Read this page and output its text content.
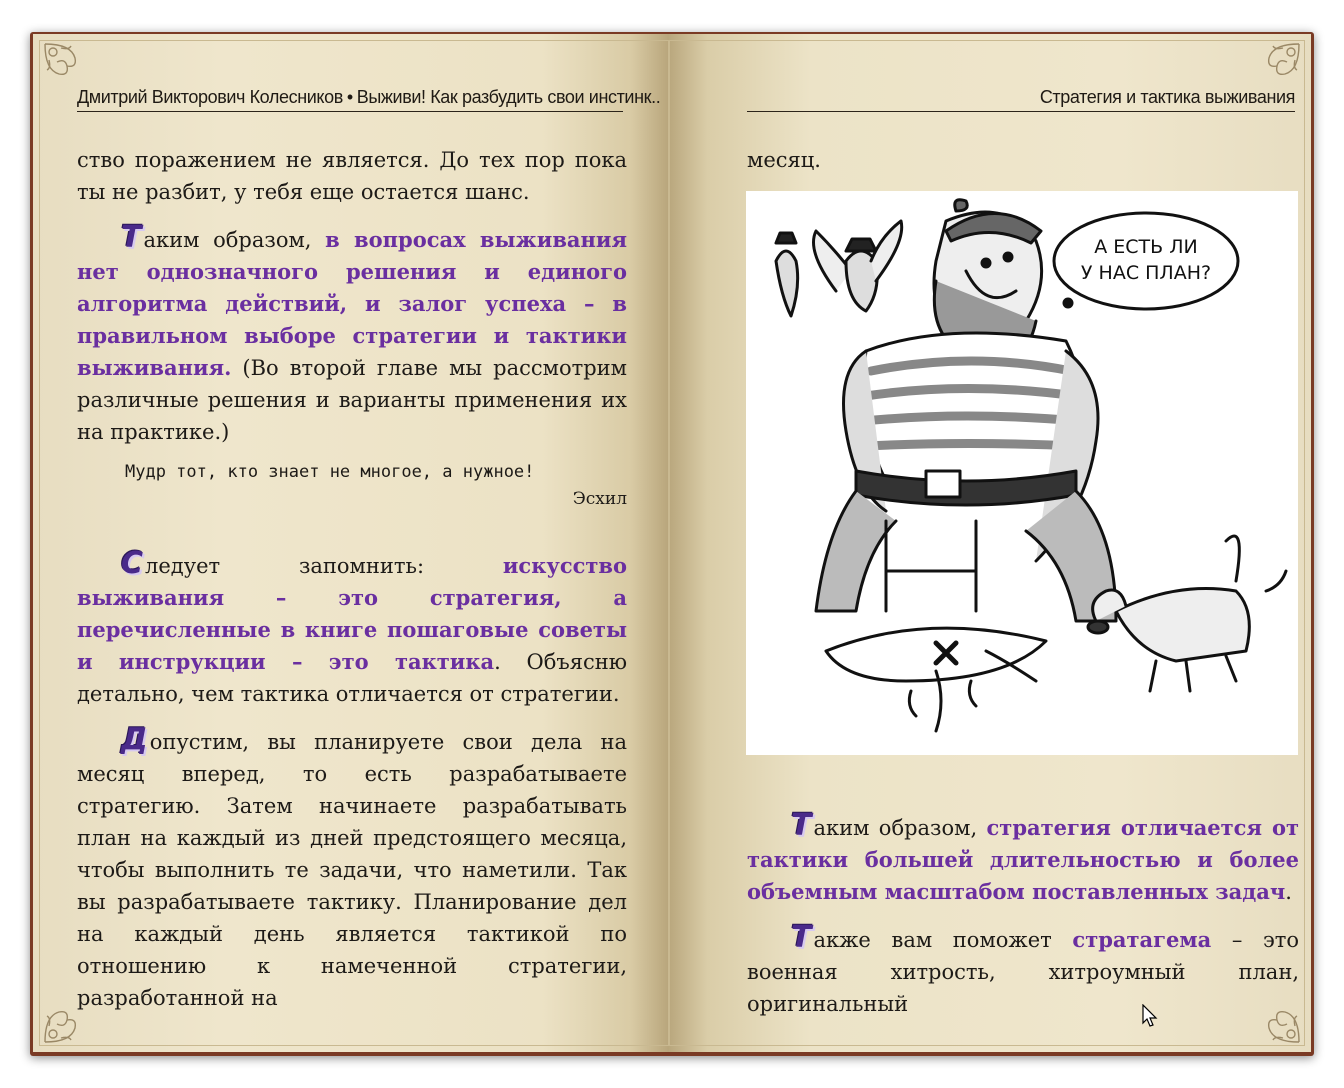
Дмитрий Викторович Колесников • Выживи! Как разбудить свои инстинк..

ство поражением не является. До тех пор пока ты не разбит, у тебя еще остается шанс.

Таким образом, в вопросах выживания нет однозначного решения и единого алгоритма действий, и залог успеха – в правильном выборе стратегии и тактики выживания. (Во второй главе мы рассмотрим различные решения и варианты применения их на практике.)

Мудр тот, кто знает не многое, а нужное!
Эсхил

Следует запомнить: искусство выживания – это стратегия, а перечисленные в книге пошаговые советы и инструкции – это тактика. Объясню детально, чем тактика отличается от стратегии.

Допустим, вы планируете свои дела на месяц вперед, то есть разрабатываете стратегию. Затем начинаете разрабатывать план на каждый из дней предстоящего месяца, чтобы выполнить те задачи, что наметили. Так вы разрабатываете тактику. Планирование дел на каждый день является тактикой по отношению к намеченной стратегии, разработанной на

Стратегия и тактика выживания

месяц.

А ЕСТЬ ЛИ
У НАС ПЛАН?

Таким образом, стратегия отличается от тактики большей длительностью и более объемным масштабом поставленных задач.

Также вам поможет стратагема – это военная хитрость, хитроумный план, оригинальный
